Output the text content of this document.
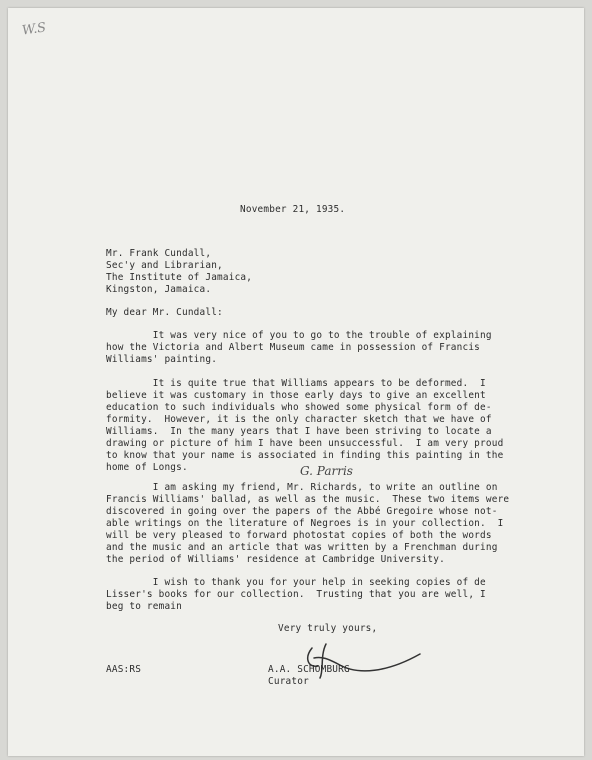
W.S
November 21, 1935.
Mr. Frank Cundall,
Sec'y and Librarian,
The Institute of Jamaica,
Kingston, Jamaica.
My dear Mr. Cundall:
It was very nice of you to go to the trouble of explaining
how the Victoria and Albert Museum came in possession of Francis
Williams' painting.
It is quite true that Williams appears to be deformed.  I
believe it was customary in those early days to give an excellent
education to such individuals who showed some physical form of de-
formity.  However, it is the only character sketch that we have of
Williams.  In the many years that I have been striving to locate a
drawing or picture of him I have been unsuccessful.  I am very proud
to know that your name is associated in finding this painting in the
home of Longs.	G. Parris
I am asking my friend, Mr. Richards, to write an outline on
Francis Williams' ballad, as well as the music.  These two items were
discovered in going over the papers of the Abbé Gregoire whose not-
able writings on the literature of Negroes is in your collection.  I
will be very pleased to forward photostat copies of both the words
and the music and an article that was written by a Frenchman during
the period of Williams' residence at Cambridge University.
I wish to thank you for your help in seeking copies of de
Lisser's books for our collection.  Trusting that you are well, I
beg to remain
Very truly yours,
AAS:RS	A.A. SCHOMBURG
Curator
